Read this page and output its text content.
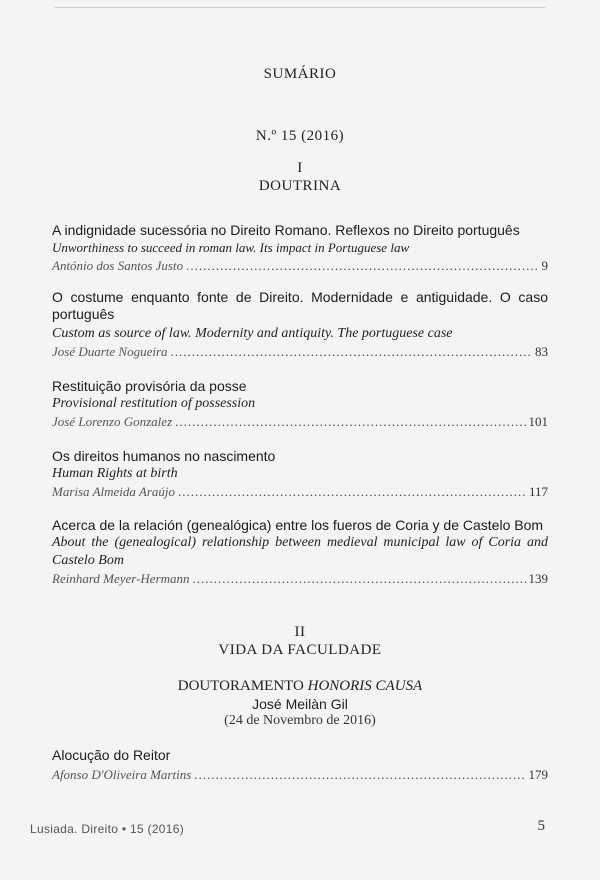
SUMÁRIO
N.º 15 (2016)
I
DOUTRINA
A indignidade sucessória no Direito Romano. Reflexos no Direito português
Unworthiness to succeed in roman law. Its impact in Portuguese law
António dos Santos Justo .....	9
O costume enquanto fonte de Direito. Modernidade e antiguidade. O caso português
Custom as source of law. Modernity and antiquity. The portuguese case
José Duarte Nogueira .....	83
Restituição provisória da posse
Provisional restitution of possession
José Lorenzo Gonzalez .....	101
Os direitos humanos no nascimento
Human Rights at birth
Marisa Almeida Araújo .....	117
Acerca de la relación (genealógica) entre los fueros de Coria y de Castelo Bom
About the (genealogical) relationship between medieval municipal law of Coria and Castelo Bom
Reinhard Meyer-Hermann .....	139
II
VIDA DA FACULDADE
DOUTORAMENTO HONORIS CAUSA
José Meilàn Gil
(24 de Novembro de 2016)
Alocução do Reitor
Afonso D'Oliveira Martins .....	179
Lusiada. Direito • 15 (2016)	5
